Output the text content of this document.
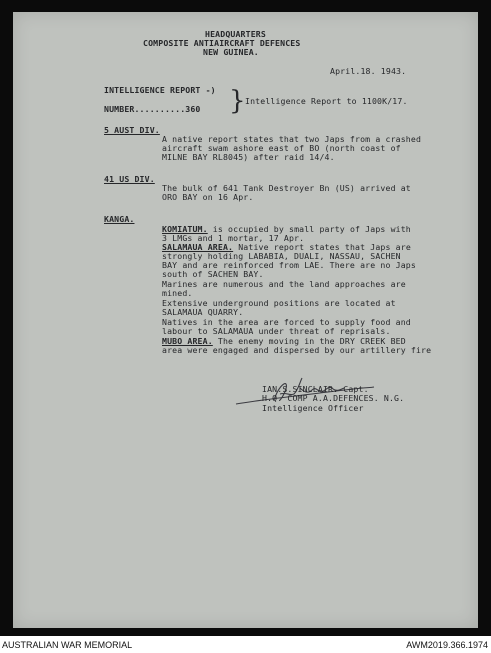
HEADQUARTERS
COMPOSITE ANTIAIRCRAFT DEFENCES
NEW GUINEA.
April.18. 1943.
INTELLIGENCE REPORT -) } Intelligence Report to 1100K/17.
NUMBER..........360
5 AUST DIV.
A native report states that two Japs from a crashed
aircraft swam ashore east of BO (north coast of
MILNE BAY RL8045) after raid 14/4.
41 US DIV.
The bulk of 641 Tank Destroyer Bn (US) arrived at
ORO BAY on 16 Apr.
KANGA.
KOMIATUM. is occupied by small party of Japs with
3 LMGs and 1 mortar, 17 Apr.
SALAMAUA AREA. Native report states that Japs are
strongly holding LABABIA, DUALI, NASSAU, SACHEN
BAY and are reinforced from LAE. There are no Japs
south of SACHEN BAY.
Marines are numerous and the land approaches are
mined.
Extensive underground positions are located at
SALAMAUA QUARRY.
Natives in the area are forced to supply food and
labour to SALAMAUA under threat of reprisals.
MUBO AREA. The enemy moving in the DRY CREEK BED
area were engaged and dispersed by our artillery fire
IAN.S.SINCLAIR. Capt.
H.Q. COMP A.A.DEFENCES. N.G.
Intelligence Officer
AUSTRALIAN WAR MEMORIAL	AWM2019.366.1974
